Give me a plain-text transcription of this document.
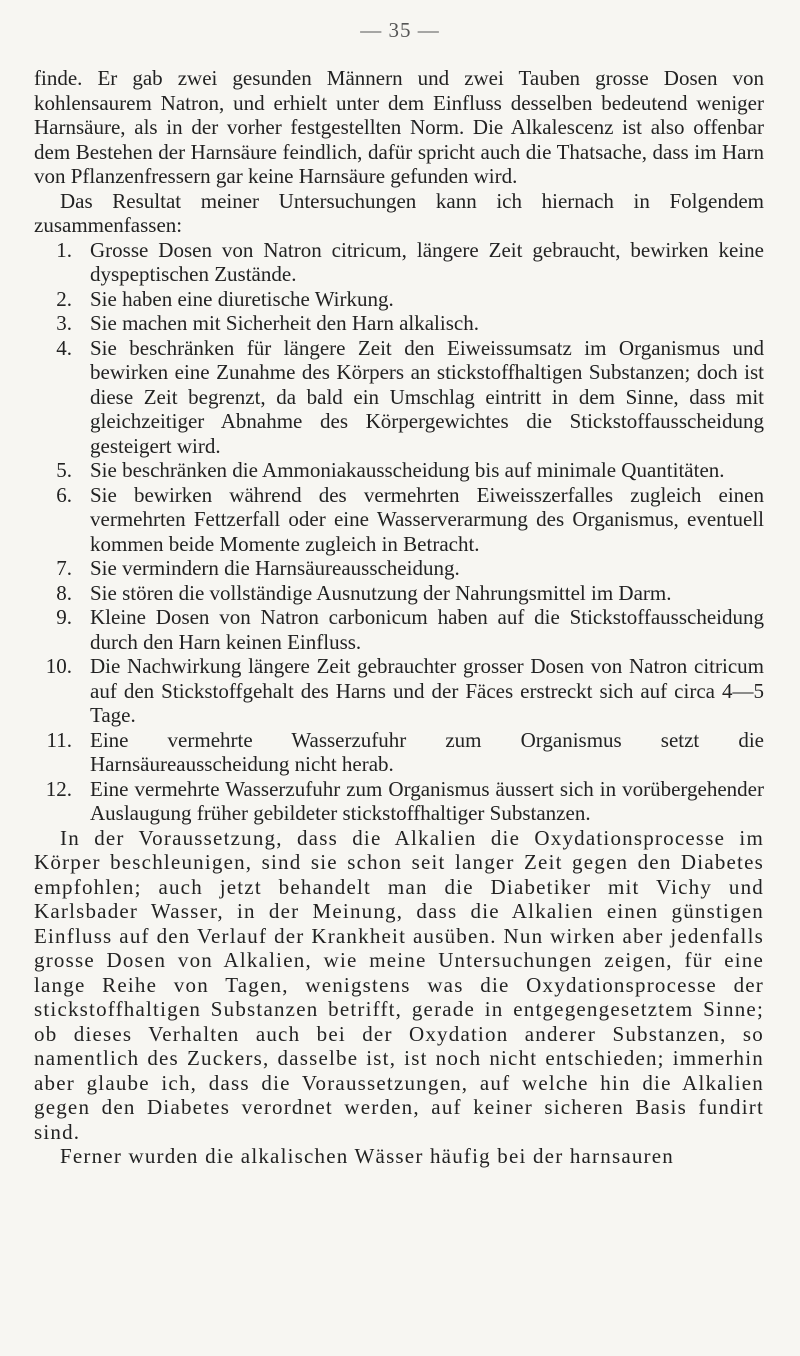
— 35 —

finde. Er gab zwei gesunden Männern und zwei Tauben grosse Dosen von kohlensaurem Natron, und erhielt unter dem Einfluss desselben bedeutend weniger Harnsäure, als in der vorher festgestellten Norm. Die Alkalescenz ist also offenbar dem Bestehen der Harnsäure feindlich, dafür spricht auch die Thatsache, dass im Harn von Pflanzenfressern gar keine Harnsäure gefunden wird.

Das Resultat meiner Untersuchungen kann ich hiernach in Folgendem zusammenfassen:

1. Grosse Dosen von Natron citricum, längere Zeit gebraucht, bewirken keine dyspeptischen Zustände.
2. Sie haben eine diuretische Wirkung.
3. Sie machen mit Sicherheit den Harn alkalisch.
4. Sie beschränken für längere Zeit den Eiweissumsatz im Organismus und bewirken eine Zunahme des Körpers an stickstoffhaltigen Substanzen; doch ist diese Zeit begrenzt, da bald ein Umschlag eintritt in dem Sinne, dass mit gleichzeitiger Abnahme des Körpergewichtes die Stickstoffausscheidung gesteigert wird.
5. Sie beschränken die Ammoniakausscheidung bis auf minimale Quantitäten.
6. Sie bewirken während des vermehrten Eiweisszerfalles zugleich einen vermehrten Fettzerfall oder eine Wasserverarmung des Organismus, eventuell kommen beide Momente zugleich in Betracht.
7. Sie vermindern die Harnsäureausscheidung.
8. Sie stören die vollständige Ausnutzung der Nahrungsmittel im Darm.
9. Kleine Dosen von Natron carbonicum haben auf die Stickstoffausscheidung durch den Harn keinen Einfluss.
10. Die Nachwirkung längere Zeit gebrauchter grosser Dosen von Natron citricum auf den Stickstoffgehalt des Harns und der Fäces erstreckt sich auf circa 4—5 Tage.
11. Eine vermehrte Wasserzufuhr zum Organismus setzt die Harnsäureausscheidung nicht herab.
12. Eine vermehrte Wasserzufuhr zum Organismus äussert sich in vorübergehender Auslaugung früher gebildeter stickstoffhaltiger Substanzen.

In der Voraussetzung, dass die Alkalien die Oxydationsprocesse im Körper beschleunigen, sind sie schon seit langer Zeit gegen den Diabetes empfohlen; auch jetzt behandelt man die Diabetiker mit Vichy und Karlsbader Wasser, in der Meinung, dass die Alkalien einen günstigen Einfluss auf den Verlauf der Krankheit ausüben. Nun wirken aber jedenfalls grosse Dosen von Alkalien, wie meine Untersuchungen zeigen, für eine lange Reihe von Tagen, wenigstens was die Oxydationsprocesse der stickstoffhaltigen Substanzen betrifft, gerade in entgegengesetztem Sinne; ob dieses Verhalten auch bei der Oxydation anderer Substanzen, so namentlich des Zuckers, dasselbe ist, ist noch nicht entschieden; immerhin aber glaube ich, dass die Voraussetzungen, auf welche hin die Alkalien gegen den Diabetes verordnet werden, auf keiner sicheren Basis fundirt sind.

Ferner wurden die alkalischen Wässer häufig bei der harnsauren
